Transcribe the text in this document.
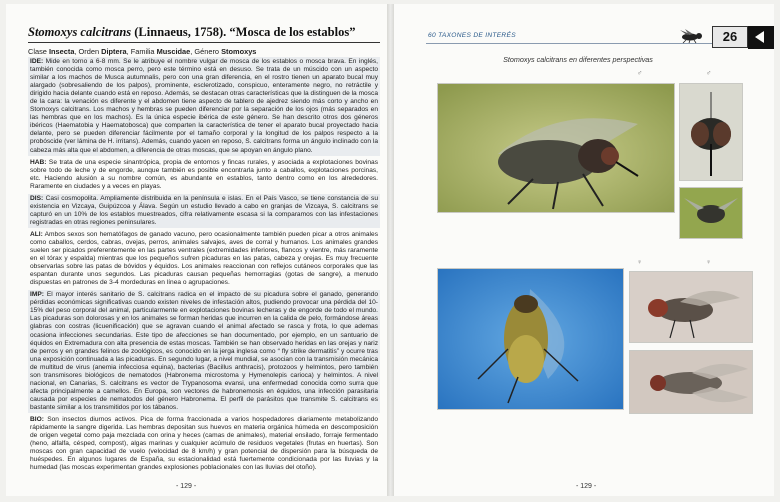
Stomoxys calcitrans (Linnaeus, 1758). “Mosca de los establos”
Clase Insecta, Orden Diptera, Familia Muscidae, Género Stomoxys

IDE: Mide en torno a 6-8 mm. Se le atribuye el nombre vulgar de mosca de los establos o mosca brava. En inglés, también conocida como mosca perro, pero este término está en desuso. Se trata de un múscido con un aspecto similar a los machos de Musca autumnalis, pero con una gran diferencia, en el rostro tienen un aparato bucal muy alargado (sobresaliendo de los palpos), prominente, esclerotizado, conspicuo, enteramente negro, no retráctile y dirigido hacia delante cuando está en reposo. Además, se destacan otras características que la distinguen de la mosca de la cara: la venación es diferente y el abdomen tiene aspecto de tablero de ajedrez siendo más corto y ancho en Stomoxys calcitrans. Los machos y hembras se pueden diferenciar por la separación de los ojos (más separados en las hembras que en los machos). Es la única especie ibérica de este género. Se han descrito otros dos géneros ibéricos (Haematobia y Haematobosca) que comparten la característica de tener el aparato bucal proyectado hacia delante, pero se pueden diferenciar fácilmente por el tamaño corporal y la longitud de los palpos respecto a la probóscide (ver lámina de H. irritans). Además, cuando yacen en reposo, S. calcitrans forma un ángulo inclinado con la cabeza más alta que el abdomen, a diferencia de otras moscas, que se apoyan en ángulo plano.

HAB: Se trata de una especie sinantrópica, propia de entornos y fincas rurales, y asociada a explotaciones bovinas sobre todo de leche y de engorde, aunque también es posible encontrarla junto a caballos, explotaciones porcinas, etc. Haciendo alusión a su nombre común, es abundante en establos, tanto dentro como en los alrededores. Raramente en ciudades y a veces en playas.

DIS: Casi cosmopolita. Ampliamente distribuida en la península e islas. En el País Vasco, se tiene constancia de su existencia en Vizcaya, Guipúzcoa y Álava. Según un estudio llevado a cabo en granjas de Vizcaya, S. calcitrans se capturó en un 10% de los establos muestreados, cifra relativamente escasa si la comparamos con las infestaciones registradas en otras regiones peninsulares.

ALI: Ambos sexos son hematófagos de ganado vacuno, pero ocasionalmente también pueden picar a otros animales como caballos, cerdos, cabras, ovejas, perros, animales salvajes, aves de corral y humanos. Los animales grandes suelen ser picados preferentemente en las partes ventrales (extremidades inferiores, flancos y vientre, más raramente en el tórax y espalda) mientras que los pequeños sufren picaduras en las patas, cabeza y orejas. Es muy frecuente observarlas sobre las patas de bóvidos y équidos. Los animales reaccionan con reflejos cutáneos corporales que las espantan durante unos segundos. Las picaduras causan pequeñas hemorragias (gotas de sangre), a menudo dispuestas en patrones de 3-4 mordeduras en línea o agrupaciones.

IMP: El mayor interés sanitario de S. calcitrans radica en el impacto de su picadura sobre el ganado, generando pérdidas económicas significativas cuando existen niveles de infestación altos, pudiendo provocar una pérdida del 10-15% del peso corporal del animal, particularmente en explotaciones bovinas lecheras y de engorde de todo el mundo. Las picaduras son dolorosas y en los animales se forman heridas que incurren en la calida de pelo, formándose áreas glabras con costras (licuenificación) que se agravan cuando el animal afectado se rasca y frota, lo que ademas ocasiona infecciones secundarias. Este tipo de afecciones se han documentado, por ejemplo, en un santuario de équidos en Extremadura con alta presencia de estas moscas. También se han observado heridas en las orejas y nariz de perros y en grandes felinos de zoológicos, es conocido en la jerga inglesa como “ fly strike dermatitis” y ocurre tras una exposición continuada a las picaduras. En segundo lugar, a nivel mundial, se asocian con la transmisión mecánica de multitud de virus (anemia infecciosa equina), bacterias (Bacillus anthracis), protozoos y helmintos, pero también son transmisores biológicos de nematodos (Habronema microstoma y Hymenolepis carioca) y helmintos. A nivel nacional, en Canarias, S. calcitrans es vector de Trypanosoma evansi, una enfermedad conocida como surra que afecta principalmente a camellos. En Europa, son vectores de habronemosis en équidos, una infección parasitaria causada por especies de nematodos del género Habronema. El perfil de parásitos que transmite S. calcitrans es bastante similar a los transmitidos por los tábanos.

BIO: Son insectos diurnos activos. Pica de forma fraccionada a varios hospedadores diariamente metabolizando rápidamente la sangre digerida. Las hembras depositan sus huevos en materia orgánica húmeda en descomposición de origen vegetal como paja mezclada con orina y heces (camas de animales), material ensilado, forraje fermentado (heno, alfalfa, césped, compost), algas marinas y cualquier acúmulo de residuos vegetales (frutas en huertas). Son moscas con gran capacidad de vuelo (velocidad de 8 km/h) y gran potencial de dispersión para la búsqueda de huéspedes. En algunos lugares de España, su estacionalidad está fuertemente condicionada por las lluvias y la humedad (las moscas experimentan grandes explosiones poblacionales con las lluvias del otoño).

- 129 -
60 TAXONES DE INTERÉS	26
Stomoxys calcitrans en diferentes perspectivas
♂	♂
♀	♀
- 129 -
